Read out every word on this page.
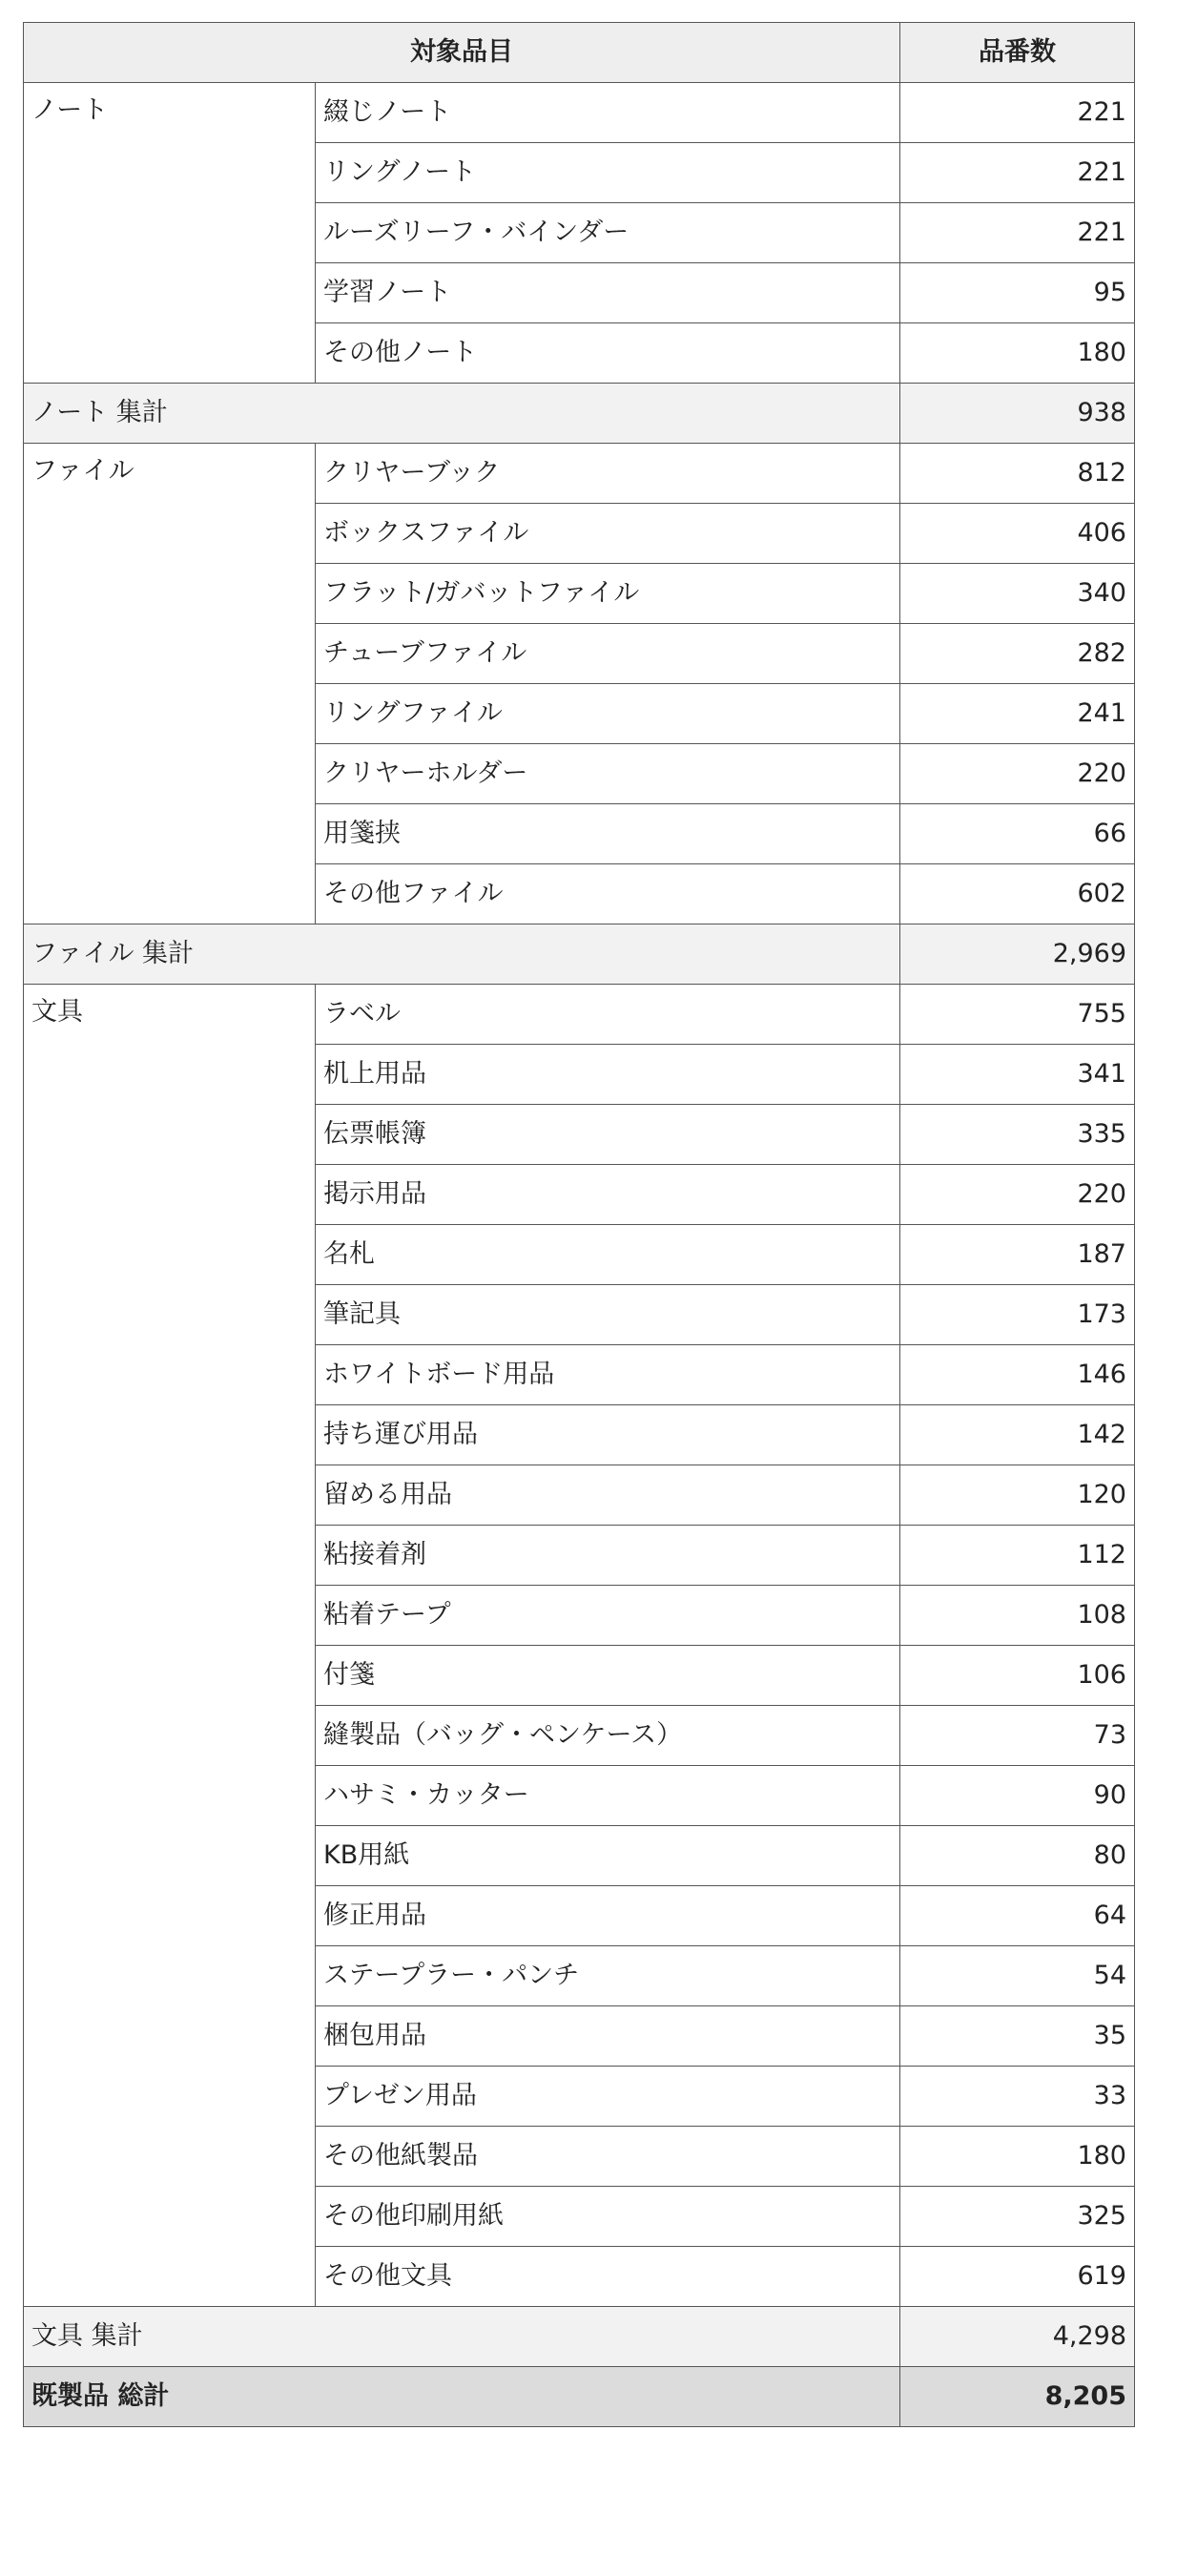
対象品目		品番数
ノート	綴じノート	221
	リングノート	221
	ルーズリーフ・バインダー	221
	学習ノート	95
	その他ノート	180
ノート 集計		938
ファイル	クリヤーブック	812
	ボックスファイル	406
	フラット/ガバットファイル	340
	チューブファイル	282
	リングファイル	241
	クリヤーホルダー	220
	用箋挟	66
	その他ファイル	602
ファイル 集計		2,969
文具	ラベル	755
	机上用品	341
	伝票帳簿	335
	掲示用品	220
	名札	187
	筆記具	173
	ホワイトボード用品	146
	持ち運び用品	142
	留める用品	120
	粘接着剤	112
	粘着テープ	108
	付箋	106
	縫製品（バッグ・ペンケース）	73
	ハサミ・カッター	90
	KB用紙	80
	修正用品	64
	ステープラー・パンチ	54
	梱包用品	35
	プレゼン用品	33
	その他紙製品	180
	その他印刷用紙	325
	その他文具	619
文具 集計		4,298
既製品 総計		8,205
